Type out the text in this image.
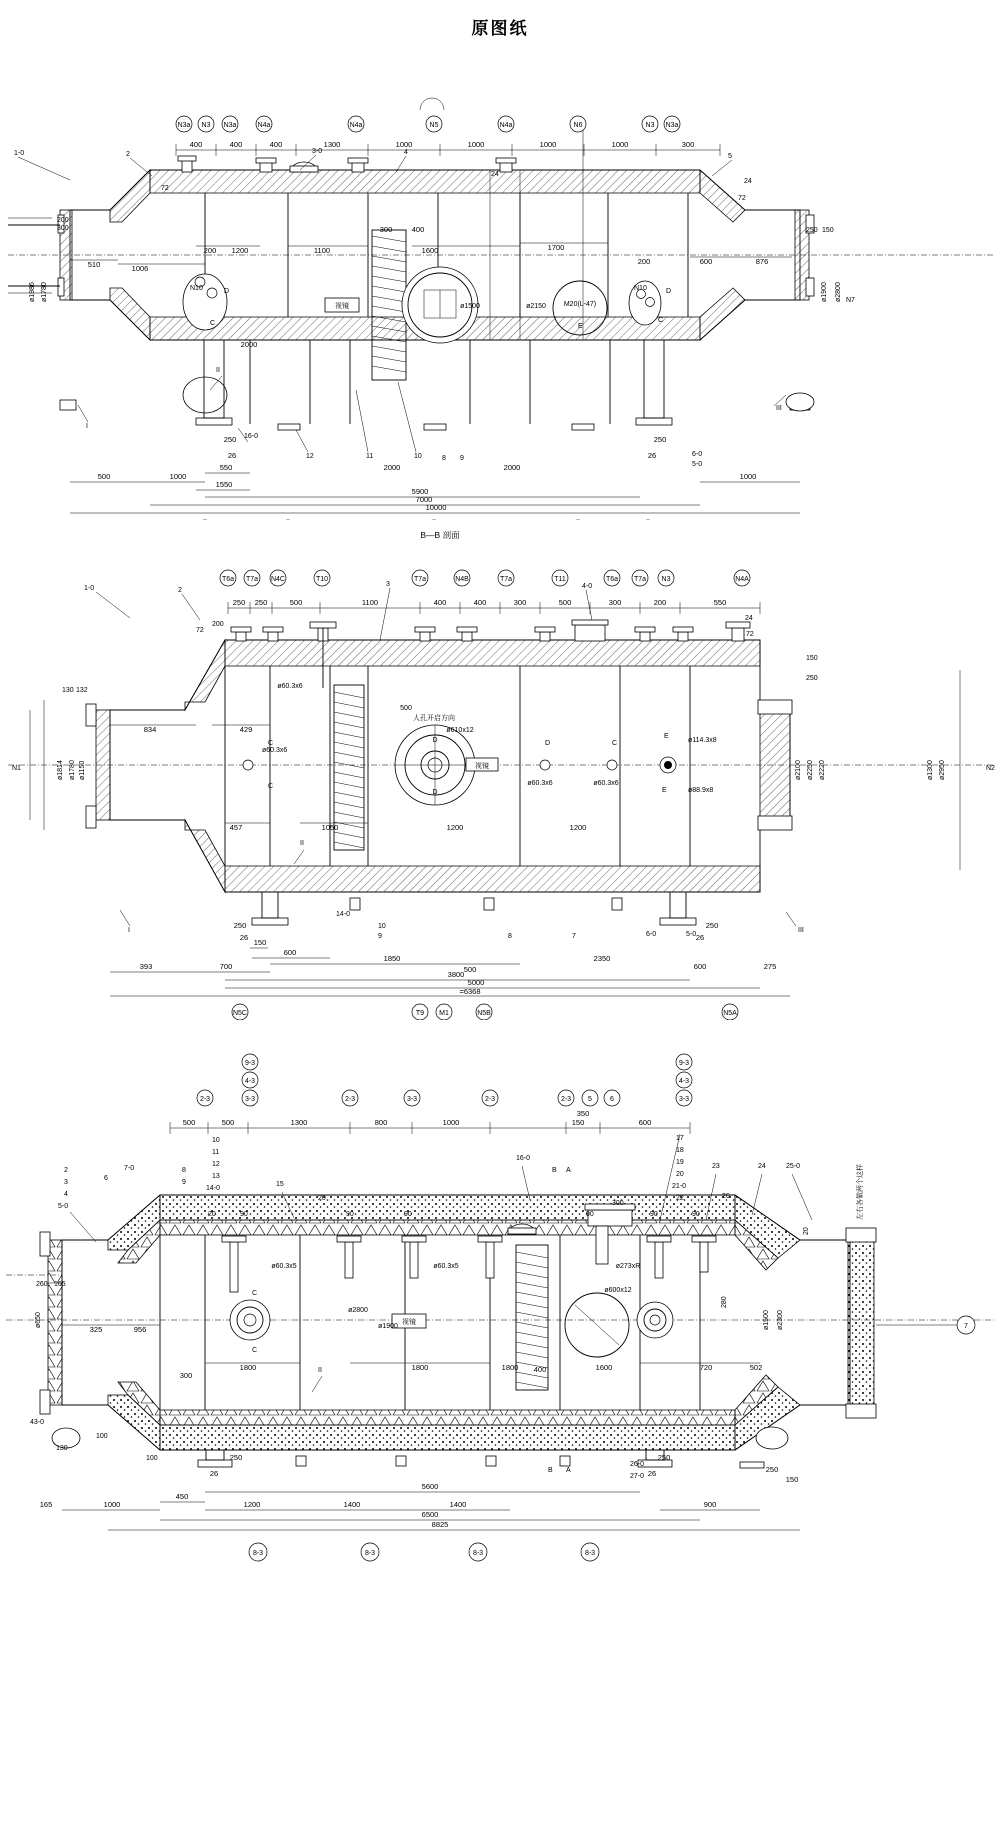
原图纸
400	400	400	1300	1000	1000	1000	1000	300
N3a N3 N3a	N4a	N4a	N5	N4a	N6	N3 N3a
1-0	2	3-0	4
5
24
24
72
72
200 1200	1100
300	400
1600	1700
200	600	876
510	1006
2000
2000	2000
ø1986 ø1780
300
200
ø1900 ø2800
250 150
ø1500	ø2150	M20(L-47)
N10	N10
D
C
D
C
E
视镜
500	1000
550
1550
5900
7000
10000
1000
250	250
26	26
16-0
12	11	10	8 9
6-0
5-0
I
II
III
N7
B—B 剖面
D
D
视镜
250 250	500	1100	400	400	300	500	300	200	550
T6a T7a N4C	T10	T7a	N4B	T7a	T11	T6a T7a N3	N4A
1-0	2
3	4-0
72
24
72
200
N1	ø1814 ø1780 ø1150
130 132
N2
ø1300 ø2950
ø2250 ø2220
ø2100
150
250
ø60.3x6
C
ø60.3x6
C
人孔开启方向
ø610x12
500
ø60.3x6	ø60.3x6
D	C
E
ø114.3x8
ø88.9x8
E
834	429
457	1050	1200	1200
393	700
150
600
1850
500
3800
5000
2350
600	275
=6368
250	250
26	26
14-0
10
9	8	7	6-0	5-0
I
II
III
N5C	T9 M1	N5B	N5A
视镜
500	500	1300	800	1000	150
350
600
9-3
4-3
3-3
2-3	2-3	3-3	2-3	2-3 5	6
9-3
4-3
3-3
10
11
12
13
14-0
2
3
4
5-0
6
7-0	8
9	15
20
16-0
17
18
19
20
21-0
22
23	24	25-0
26
B A
20	90	90	90	90	90	90
300
20
左右各做两个这样
ø60.3x5	ø60.3x5	ø273xR
ø600x12
C
C
ø2800
ø1900	ø1500 ø2300
280
ø650
260 165
43-0
130
100
100
325	956
300
1800	1800	1800 400	1600	720	502
II
1000
165
450
1200	1400	1400
5600
6500
8825
900
150
250
26	26
250	250
B A
26-0
27-0
8-3	8-3	8-3	8-3
7
